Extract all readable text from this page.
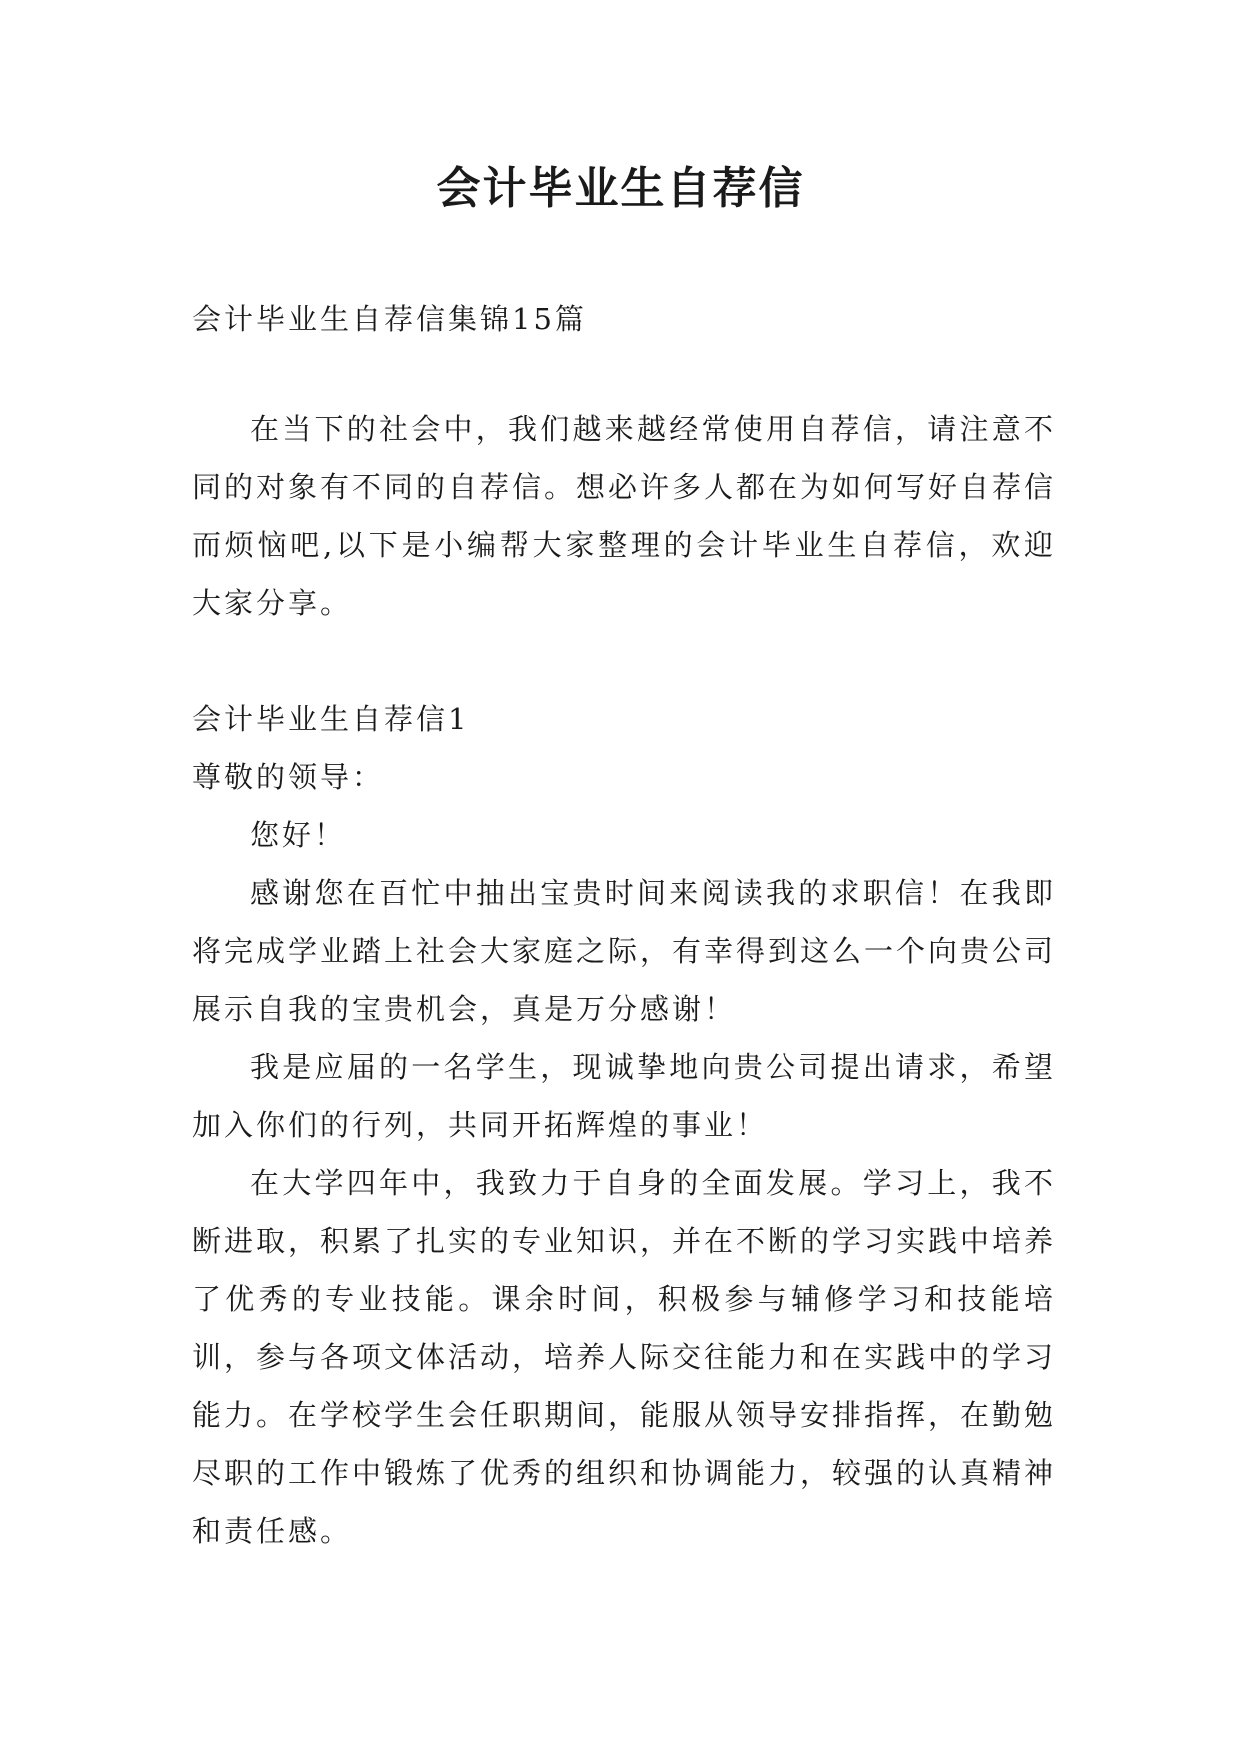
会计毕业生自荐信

会计毕业生自荐信集锦15篇

在当下的社会中，我们越来越经常使用自荐信，请注意不同的对象有不同的自荐信。想必许多人都在为如何写好自荐信而烦恼吧,以下是小编帮大家整理的会计毕业生自荐信，欢迎大家分享。

会计毕业生自荐信1

尊敬的领导：

您好！

感谢您在百忙中抽出宝贵时间来阅读我的求职信！在我即将完成学业踏上社会大家庭之际，有幸得到这么一个向贵公司展示自我的宝贵机会，真是万分感谢！

我是应届的一名学生，现诚挚地向贵公司提出请求，希望加入你们的行列，共同开拓辉煌的事业！

在大学四年中，我致力于自身的全面发展。学习上，我不断进取，积累了扎实的专业知识，并在不断的学习实践中培养了优秀的专业技能。课余时间，积极参与辅修学习和技能培训，参与各项文体活动，培养人际交往能力和在实践中的学习能力。在学校学生会任职期间，能服从领导安排指挥，在勤勉尽职的工作中锻炼了优秀的组织和协调能力，较强的认真精神和责任感。
